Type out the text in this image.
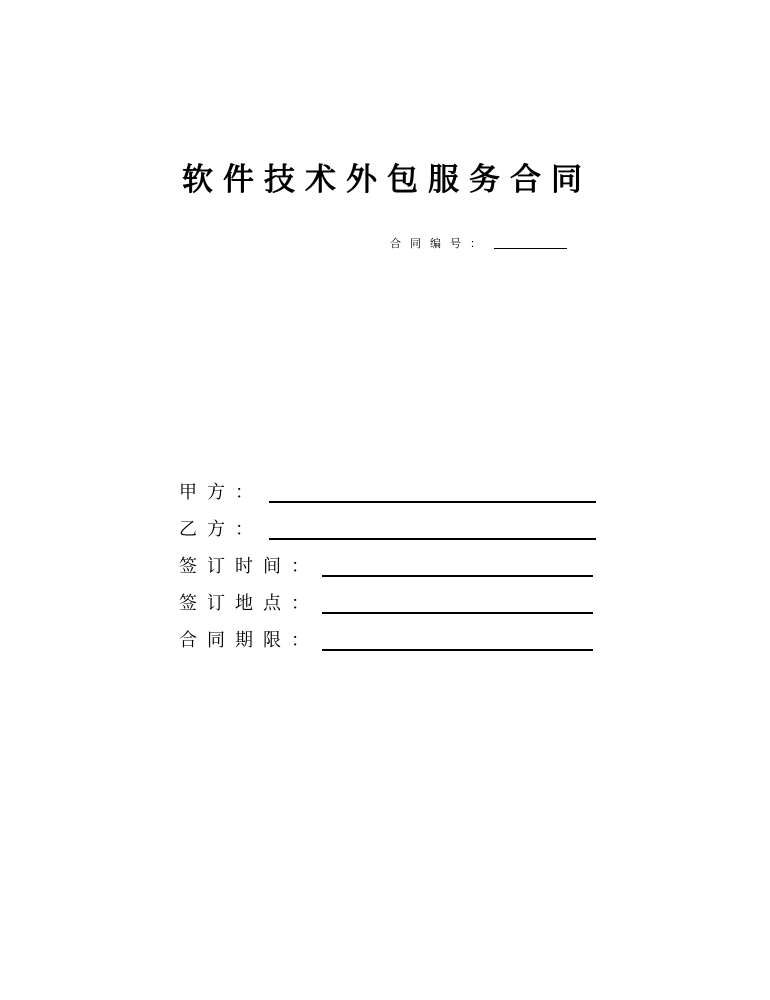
软件技术外包服务合同
合同编号：
甲方：
乙方：
签订时间：
签订地点：
合同期限：
